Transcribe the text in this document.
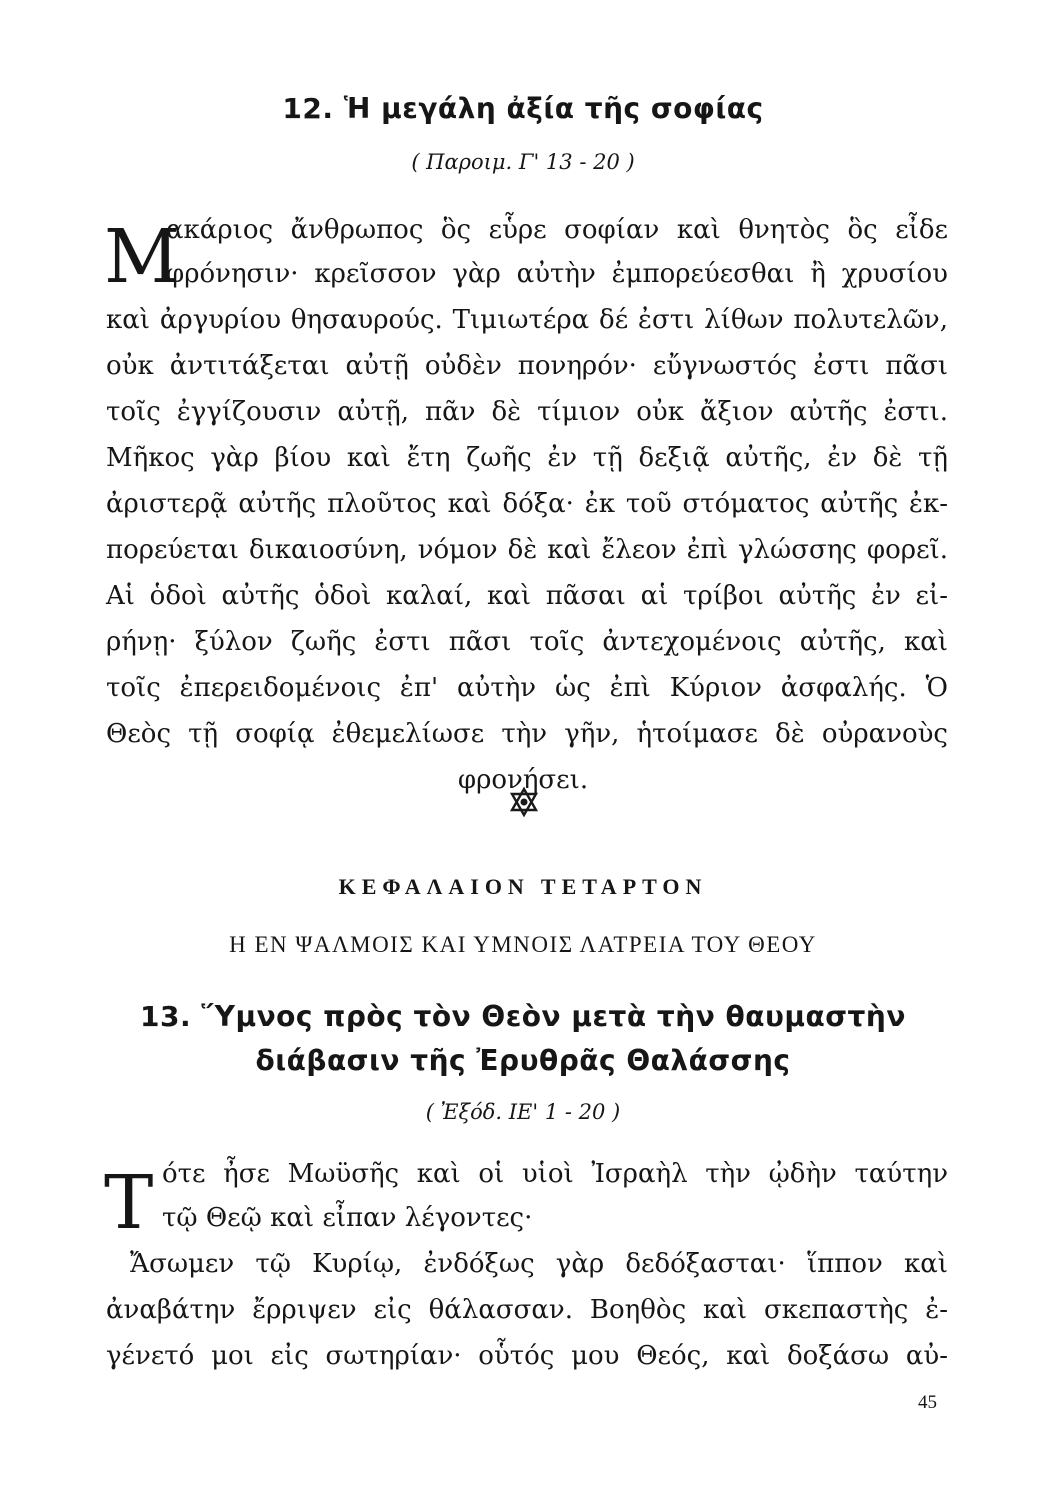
12. Ἡ μεγάλη ἀξία τῆς σοφίας

( Παροιμ. Γ' 13 - 20 )

Μ

ακάριος ἄνθρωπος ὃς εὗρε σοφίαν καὶ θνητὸς ὃς εἶδε

φρόνησιν· κρεῖσσον γὰρ αὐτὴν ἐμπορεύεσθαι ἢ χρυσίου

καὶ ἀργυρίου θησαυρούς. Τιμιωτέρα δέ ἐστι λίθων πολυτελῶν,

οὐκ ἀντιτάξεται αὐτῇ οὐδὲν πονηρόν· εὔγνωστός ἐστι πᾶσι

τοῖς ἐγγίζουσιν αὐτῇ, πᾶν δὲ τίμιον οὐκ ἄξιον αὐτῆς ἐστι.

Μῆκος γὰρ βίου καὶ ἔτη ζωῆς ἐν τῇ δεξιᾷ αὐτῆς, ἐν δὲ τῇ

ἀριστερᾷ αὐτῆς πλοῦτος καὶ δόξα· ἐκ τοῦ στόματος αὐτῆς ἐκ-

πορεύεται δικαιοσύνη, νόμον δὲ καὶ ἔλεον ἐπὶ γλώσσης φορεῖ.

Αἱ ὁδοὶ αὐτῆς ὁδοὶ καλαί, καὶ πᾶσαι αἱ τρίβοι αὐτῆς ἐν εἰ-

ρήνῃ· ξύλον ζωῆς ἐστι πᾶσι τοῖς ἀντεχομένοις αὐτῆς, καὶ

τοῖς ἐπερειδομένοις ἐπ' αὐτὴν ὡς ἐπὶ Κύριον ἀσφαλής. Ὁ

Θεὸς τῇ σοφίᾳ ἐθεμελίωσε τὴν γῆν, ἡτοίμασε δὲ οὐρανοὺς

φρονήσει.

ΚΕΦΑΛΑΙΟΝ ΤΕΤΑΡΤΟΝ

Η ΕΝ ΨΑΛΜΟΙΣ ΚΑΙ ΥΜΝΟΙΣ ΛΑΤΡΕΙΑ ΤΟΥ ΘΕΟΥ

13. Ὕμνος πρὸς τὸν Θεὸν μετὰ τὴν θαυμαστὴν
διάβασιν τῆς Ἐρυθρᾶς Θαλάσσης

( Ἐξόδ. ΙΕ' 1 - 20 )

Τ ότε ἦσε Μωϋσῆς καὶ οἱ υἱοὶ Ἰσραὴλ τὴν ᾠδὴν ταύτην

τῷ Θεῷ καὶ εἶπαν λέγοντες·

Ἄσωμεν τῷ Κυρίῳ, ἐνδόξως γὰρ δεδόξασται· ἵππον καὶ

ἀναβάτην ἔρριψεν εἰς θάλασσαν. Βοηθὸς καὶ σκεπαστὴς ἐ-

γένετό μοι εἰς σωτηρίαν· οὗτός μου Θεός, καὶ δοξάσω αὐ-

45
